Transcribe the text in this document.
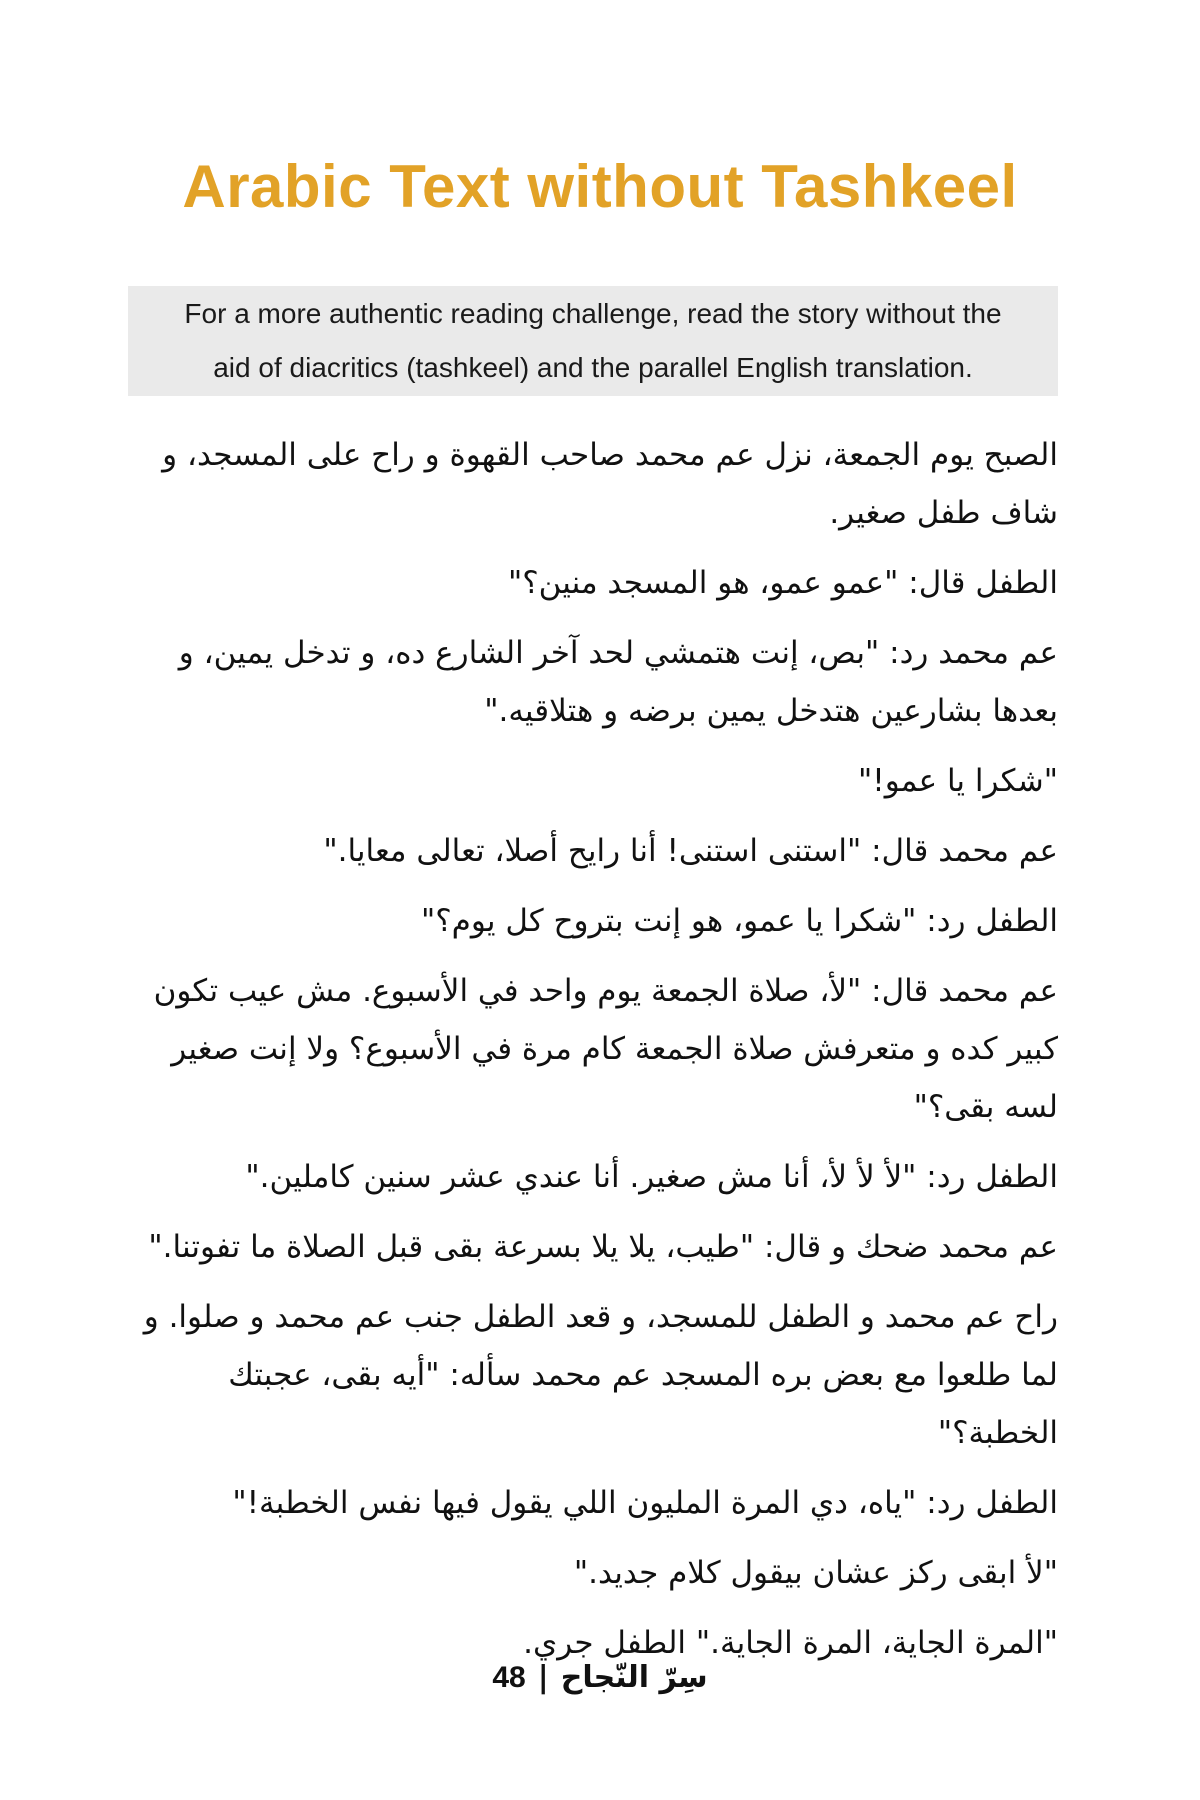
Arabic Text without Tashkeel
For a more authentic reading challenge, read the story without the
aid of diacritics (tashkeel) and the parallel English translation.

الصبح يوم الجمعة، نزل عم محمد صاحب القهوة و راح على المسجد، و شاف طفل صغير.

الطفل قال: "عمو عمو، هو المسجد منين؟"

عم محمد رد: "بص، إنت هتمشي لحد آخر الشارع ده، و تدخل يمين، و بعدها بشارعين هتدخل يمين برضه و هتلاقيه."

"شكرا يا عمو!"

عم محمد قال: "استنى استنى! أنا رايح أصلا، تعالى معايا."

الطفل رد: "شكرا يا عمو، هو إنت بتروح كل يوم؟"

عم محمد قال: "لأ، صلاة الجمعة يوم واحد في الأسبوع. مش عيب تكون كبير كده و متعرفش صلاة الجمعة كام مرة في الأسبوع؟ ولا إنت صغير لسه بقى؟"

الطفل رد: "لأ لأ لأ، أنا مش صغير. أنا عندي عشر سنين كاملين."

عم محمد ضحك و قال: "طيب، يلا يلا بسرعة بقى قبل الصلاة ما تفوتنا."

راح عم محمد و الطفل للمسجد، و قعد الطفل جنب عم محمد و صلوا. و لما طلعوا مع بعض بره المسجد عم محمد سأله: "أيه بقى، عجبتك الخطبة؟"

الطفل رد: "ياه، دي المرة المليون اللي يقول فيها نفس الخطبة!"

"لأ ابقى ركز عشان بيقول كلام جديد."

"المرة الجاية، المرة الجاية." الطفل جري.

سِرّ النّجاح
|
48
